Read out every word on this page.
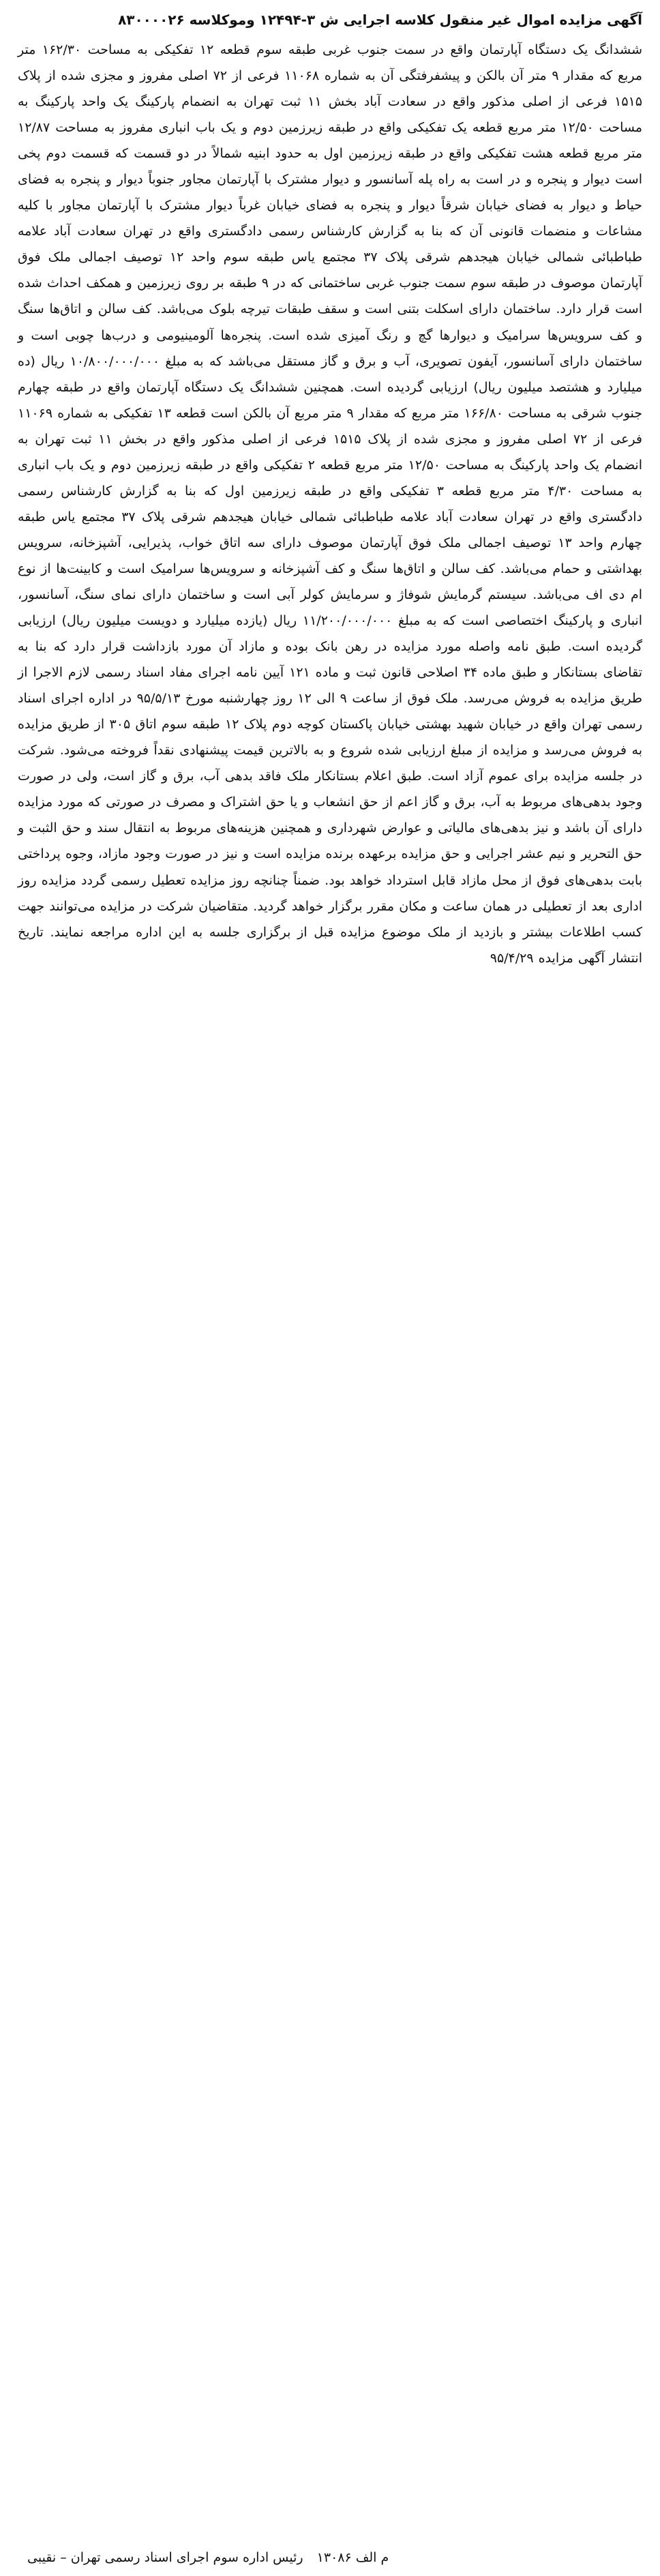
آگهی مزایده اموال غیر منقول کلاسه اجرایی ش ۳-۱۲۴۹۴ وموکلاسه ۸۳۰۰۰۰۲۶

ششدانگ یک دستگاه آپارتمان واقع در سمت جنوب غربی طبقه سوم قطعه ۱۲ تفکیکی به مساحت ۱۶۲/۳۰ متر مربع که مقدار ۹ متر آن بالکن و پیشفرفتگی آن به شماره ۱۱۰۶۸ فرعی از ۷۲ اصلی مفروز و مجزی شده از پلاک ۱۵۱۵ فرعی از اصلی مذکور واقع در سعادت آباد بخش ۱۱ ثبت تهران به انضمام پارکینگ یک واحد پارکینگ به مساحت ۱۲/۵۰ متر مربع قطعه یک تفکیکی واقع در طبقه زیرزمین دوم و یک باب انباری مفروز به مساحت ۱۲/۸۷ متر مربع قطعه هشت تفکیکی واقع در طبقه زیرزمین اول به حدود ابنیه شمالاً در دو قسمت که قسمت دوم پخی است دیوار و پنجره و در است به راه پله آسانسور و دیوار مشترک با آپارتمان مجاور جنوباً دیوار و پنجره به فضای حیاط و دیوار به فضای خیابان شرقاً دیوار و پنجره به فضای خیابان غرباً دیوار مشترک با آپارتمان مجاور با کلیه مشاعات و منضمات قانونی آن که بنا به گزارش کارشناس رسمی دادگستری واقع در تهران سعادت آباد علامه طباطبائی شمالی خیابان هیجدهم شرقی پلاک ۳۷ مجتمع یاس طبقه سوم واحد ۱۲ توصیف اجمالی ملک فوق آپارتمان موصوف در طبقه سوم سمت جنوب غربی ساختمانی که در ۹ طبقه بر روی زیرزمین و همکف احداث شده است قرار دارد. ساختمان دارای اسکلت بتنی است و سقف طبقات تیرچه بلوک می‌باشد. کف سالن و اتاق‌ها سنگ و کف سرویس‌ها سرامیک و دیوارها گچ و رنگ آمیزی شده است. پنجره‌ها آلومینیومی و درب‌ها چوبی است و ساختمان دارای آسانسور، آیفون تصویری، آب و برق و گاز مستقل می‌باشد که به مبلغ ۱۰/۸۰۰/۰۰۰/۰۰۰ ریال (ده میلیارد و هشتصد میلیون ریال) ارزیابی گردیده است. همچنین ششدانگ یک دستگاه آپارتمان واقع در طبقه چهارم جنوب شرقی به مساحت ۱۶۶/۸۰ متر مربع که مقدار ۹ متر مربع آن بالکن است قطعه ۱۳ تفکیکی به شماره ۱۱۰۶۹ فرعی از ۷۲ اصلی مفروز و مجزی شده از پلاک ۱۵۱۵ فرعی از اصلی مذکور واقع در بخش ۱۱ ثبت تهران به انضمام یک واحد پارکینگ به مساحت ۱۲/۵۰ متر مربع قطعه ۲ تفکیکی واقع در طبقه زیرزمین دوم و یک باب انباری به مساحت ۴/۳۰ متر مربع قطعه ۳ تفکیکی واقع در طبقه زیرزمین اول که بنا به گزارش کارشناس رسمی دادگستری واقع در تهران سعادت آباد علامه طباطبائی شمالی خیابان هیجدهم شرقی پلاک ۳۷ مجتمع یاس طبقه چهارم واحد ۱۳ توصیف اجمالی ملک فوق آپارتمان موصوف دارای سه اتاق خواب، پذیرایی، آشپزخانه، سرویس بهداشتی و حمام می‌باشد. کف سالن و اتاق‌ها سنگ و کف آشپزخانه و سرویس‌ها سرامیک است و کابینت‌ها از نوع ام دی اف می‌باشد. سیستم گرمایش شوفاژ و سرمایش کولر آبی است و ساختمان دارای نمای سنگ، آسانسور، انباری و پارکینگ اختصاصی است که به مبلغ ۱۱/۲۰۰/۰۰۰/۰۰۰ ریال (یازده میلیارد و دویست میلیون ریال) ارزیابی گردیده است. طبق نامه واصله مورد مزایده در رهن بانک بوده و مازاد آن مورد بازداشت قرار دارد که بنا به تقاضای بستانکار و طبق ماده ۳۴ اصلاحی قانون ثبت و ماده ۱۲۱ آیین نامه اجرای مفاد اسناد رسمی لازم الاجرا از طریق مزایده به فروش می‌رسد. ملک فوق از ساعت ۹ الی ۱۲ روز چهارشنبه مورخ ۹۵/۵/۱۳ در اداره اجرای اسناد رسمی تهران واقع در خیابان شهید بهشتی خیابان پاکستان کوچه دوم پلاک ۱۲ طبقه سوم اتاق ۳۰۵ از طریق مزایده به فروش می‌رسد و مزایده از مبلغ ارزیابی شده شروع و به بالاترین قیمت پیشنهادی نقداً فروخته می‌شود. شرکت در جلسه مزایده برای عموم آزاد است. طبق اعلام بستانکار ملک فاقد بدهی آب، برق و گاز است، ولی در صورت وجود بدهی‌های مربوط به آب، برق و گاز اعم از حق انشعاب و یا حق اشتراک و مصرف در صورتی که مورد مزایده دارای آن باشد و نیز بدهی‌های مالیاتی و عوارض شهرداری و همچنین هزینه‌های مربوط به انتقال سند و حق الثبت و حق التحریر و نیم عشر اجرایی و حق مزایده برعهده برنده مزایده است و نیز در صورت وجود مازاد، وجوه پرداختی بابت بدهی‌های فوق از محل مازاد قابل استرداد خواهد بود. ضمناً چنانچه روز مزایده تعطیل رسمی گردد مزایده روز اداری بعد از تعطیلی در همان ساعت و مکان مقرر برگزار خواهد گردید. متقاضیان شرکت در مزایده می‌توانند جهت کسب اطلاعات بیشتر و بازدید از ملک موضوع مزایده قبل از برگزاری جلسه به این اداره مراجعه نمایند. تاریخ انتشار آگهی مزایده ۹۵/۴/۲۹

م الف ۱۳۰۸۶ رئیس اداره سوم اجرای اسناد رسمی تهران – نقیبی
